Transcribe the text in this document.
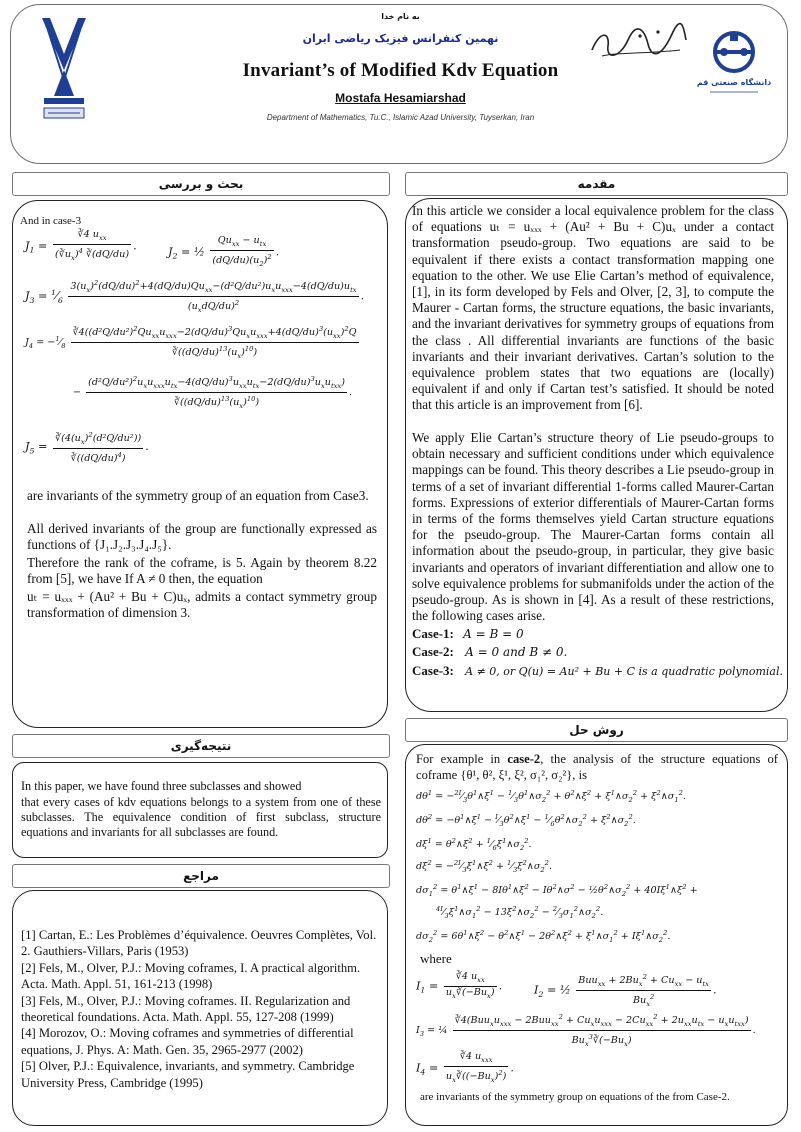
دانشگاه صنعتی قم
به نام خدا
نهمین کنفرانس فیزیک ریاضی ایران
Invariant’s of Modified Kdv Equation
Mostafa Hesamiarshad
Department of Mathematics, Tu.C., Islamic Azad University, Tuyserkan, Iran
بحث و بررسی	مقدمه
نتیجه‌گیری
روش حل
مراجع
And in case-3
$J_1 = \frac{∛4 u_{xx}}{(∛u_x)^4 ∛(dQ/du)}$ .	$J_2$ = ½ $\frac{Qu_{xx} - u_{tx}}{(dQ/du)(u_2)^2}$ .
$J_3$ = $^1⁄_6 \frac{3(u_x)^2(dQ/du)^2+4(dQ/du)Qu_{xx}-(d^2Q/du^2)u_xu_{xxx}-4(dQ/du)u_{tx}}{(u_xdQ/du)^2}$ .
$J_4$ = $-^1⁄_8 \frac{∛4((d^2Q/du^2)^2Qu_{xx}u_{xxx}-2(dQ/du)^3Qu_xu_{xxx}+4(dQ/du)^3(u_{xx})^2Q}{∛((dQ/du)^{13}(u_x)^{10})}$
− $\frac{(d^2Q/du^2)^2u_xu_{xxx}u_{tx}-4(dQ/du)^3u_{xx}u_{tx}-2(dQ/du)^3u_xu_{txx})}{∛((dQ/du)^{13}(u_x)^{10})}$ .
$J_5 = \frac{∛(4(u_x)^2(d^2Q/du^2))}{∛((dQ/du)^4)}$ .
are invariants of the symmetry group of an equation from Case3.
All derived invariants of the group are functionally expressed as functions of {J₁.J₂.J₃.J₄.J₅}.
Therefore the rank of the coframe, is 5. Again by theorem 8.22 from [5], we have If A ≠ 0 then, the equation
uₜ = uₓₓₓ + (Au² + Bu + C)uₓ, admits a contact symmetry group transformation of dimension 3.
In this article we consider a local equivalence problem for the class of equations uₜ = uₓₓₓ + (Au² + Bu + C)uₓ under a contact transformation pseudo-group. Two equations are said to be equivalent if there exists a contact transformation mapping one equation to the other. We use Elie Cartan’s method of equivalence, [1], in its form developed by Fels and Olver, [2, 3], to compute the Maurer - Cartan forms, the structure equations, the basic invariants, and the invariant derivatives for symmetry groups of equations from the class . All differential invariants are functions of the basic invariants and their invariant derivatives. Cartan’s solution to the equivalence problem states that two equations are (locally) equivalent if and only if Cartan test’s satisfied. It should be noted that this article is an improvement from [6].
We apply Elie Cartan’s structure theory of Lie pseudo-groups to obtain necessary and sufficient conditions under which equivalence mappings can be found. This theory describes a Lie pseudo-group in terms of a set of invariant differential 1-forms called Maurer-Cartan forms. Expressions of exterior differentials of Maurer-Cartan forms in terms of the forms themselves yield Cartan structure equations for the pseudo-group. The Maurer-Cartan forms contain all information about the pseudo-group, in particular, they give basic invariants and operators of invariant differentiation and allow one to solve equivalence problems for submanifolds under the action of the pseudo-group. As is shown in [4]. As a result of these restrictions, the following cases arise.
Case-1: A = B = 0
Case-2: A = 0 and B ≠ 0.
Case-3: A ≠ 0, or Q(u) = Au² + Bu + C is a quadratic polynomial.
In this paper, we have found three subclasses and showed
that every cases of kdv equations belongs to a system from one of these subclasses. The equivalence condition of first subclass, structure equations and invariants for all subclasses are found.

[1] Cartan, E.: Les Problèmes d’équivalence. Oeuvres Complètes, Vol. 2. Gauthiers-Villars, Paris (1953)

[2] Fels, M., Olver, P.J.: Moving coframes, I. A practical algorithm. Acta. Math. Appl. 51, 161-213 (1998)

[3] Fels, M., Olver, P.J.: Moving coframes. II. Regularization and theoretical foundations. Acta. Math. Appl. 55, 127-208 (1999)

[4] Morozov, O.: Moving coframes and symmetries of differential equations, J. Phys. A: Math. Gen. 35, 2965-2977 (2002)

[5] Olver, P.J.: Equivalence, invariants, and symmetry. Cambridge University Press, Cambridge (1995)

For example in case-2, the analysis of the structure equations of coframe {θ¹, θ², ξ¹, ξ², σ₁², σ₂²}, is
$d\theta^1$ = $-^{2I}⁄_3\theta^1\wedge\xi^1$ − $^1⁄_3\theta^1\wedge\sigma_2^2$ + $\theta^2\wedge\xi^2$ + $\xi^1\wedge\sigma_2^2$ + $\xi^2\wedge\sigma_1^2$.
$d\theta^2$ = $-\theta^1\wedge\xi^1$ − $^I⁄_3\theta^2\wedge\xi^1$ − $^1⁄_6\theta^2\wedge\sigma_2^2$ + $\xi^2\wedge\sigma_2^2$.
$d\xi^1$ = $\theta^2\wedge\xi^2$ + $^1⁄_6\xi^1\wedge\sigma_2^2$.
$d\xi^2$ = $-^{2I}⁄_3\xi^1\wedge\xi^2$ + $^1⁄_3\xi^2\wedge\sigma_2^2$.
$d\sigma_1^2$ = $\theta^1\wedge\xi^1$ − $8I\theta^1\wedge\xi^2$ − $I\theta^2\wedge\sigma^2$ − $\frac{1}{2}\theta^2\wedge\sigma_2^2$ + $40I\xi^1\wedge\xi^2$ +
$^{4I}⁄_3\xi^1\wedge\sigma_1^2$ − $13\xi^2\wedge\sigma_2^2$ − $^2⁄_3\sigma_1^2\wedge\sigma_2^2$.
$d\sigma_2^2$ = $6\theta^1\wedge\xi^2$ − $\theta^2\wedge\xi^1$ − $2\theta^2\wedge\xi^2$ + $\xi^1\wedge\sigma_1^2$ + $I\xi^1\wedge\sigma_2^2$.
where
$I_1 = \frac{∛4 u_{xx}}{u_x∛(-Bu_x)}$ .	$I_2$ = ½ $\frac{Buu_{xx} + 2Bu_x^2 + Cu_{xx} - u_{tx}}{Bu_x^2}$ .
$I_3$ = ¼ $\frac{∛4(Buu_xu_{xxx} - 2Buu_{xx}^2 + Cu_xu_{xxx} - 2Cu_{xx}^2 + 2u_{xx}u_{tx} - u_xu_{txx})}{Bu_x^3∛(-Bu_x)}$ .
$I_4 = \frac{∛4 u_{xxx}}{u_x∛((-Bu_x)^2)}$ .
are invariants of the symmetry group on equations of the from Case-2.
